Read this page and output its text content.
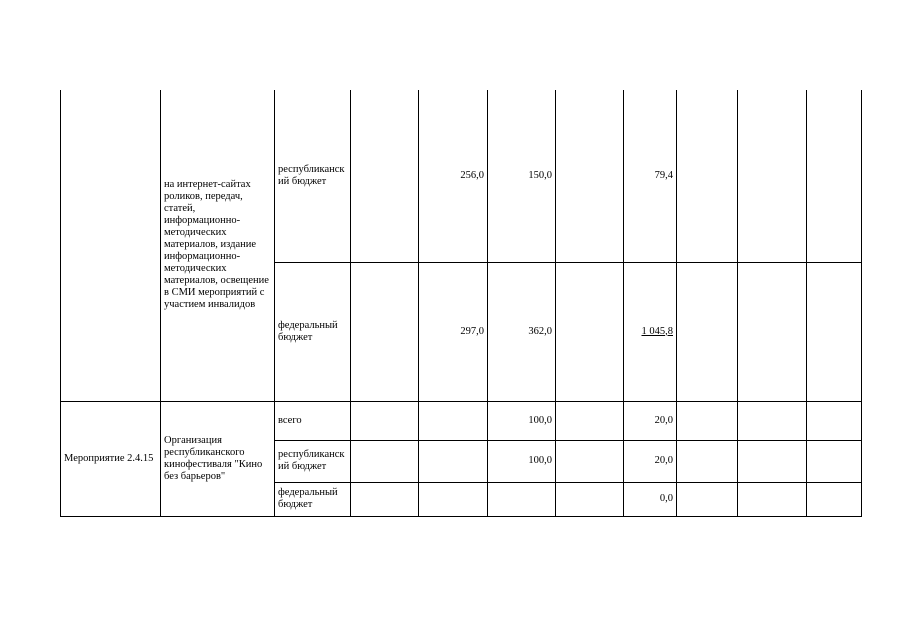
	на интернет-сайтах роликов, передач, статей, информационно-методических материалов, издание информационно-методических материалов, освещение в СМИ мероприятий с участием инвалидов	республиканский бюджет		256,0	150,0		79,4			
		федеральный бюджет		297,0	362,0		1 045,8			
Мероприятие 2.4.15	Организация республиканского кинофестиваля "Кино без барьеров"	всего			100,0		20,0			
		республиканский бюджет			100,0		20,0			
		федеральный бюджет					0,0			
